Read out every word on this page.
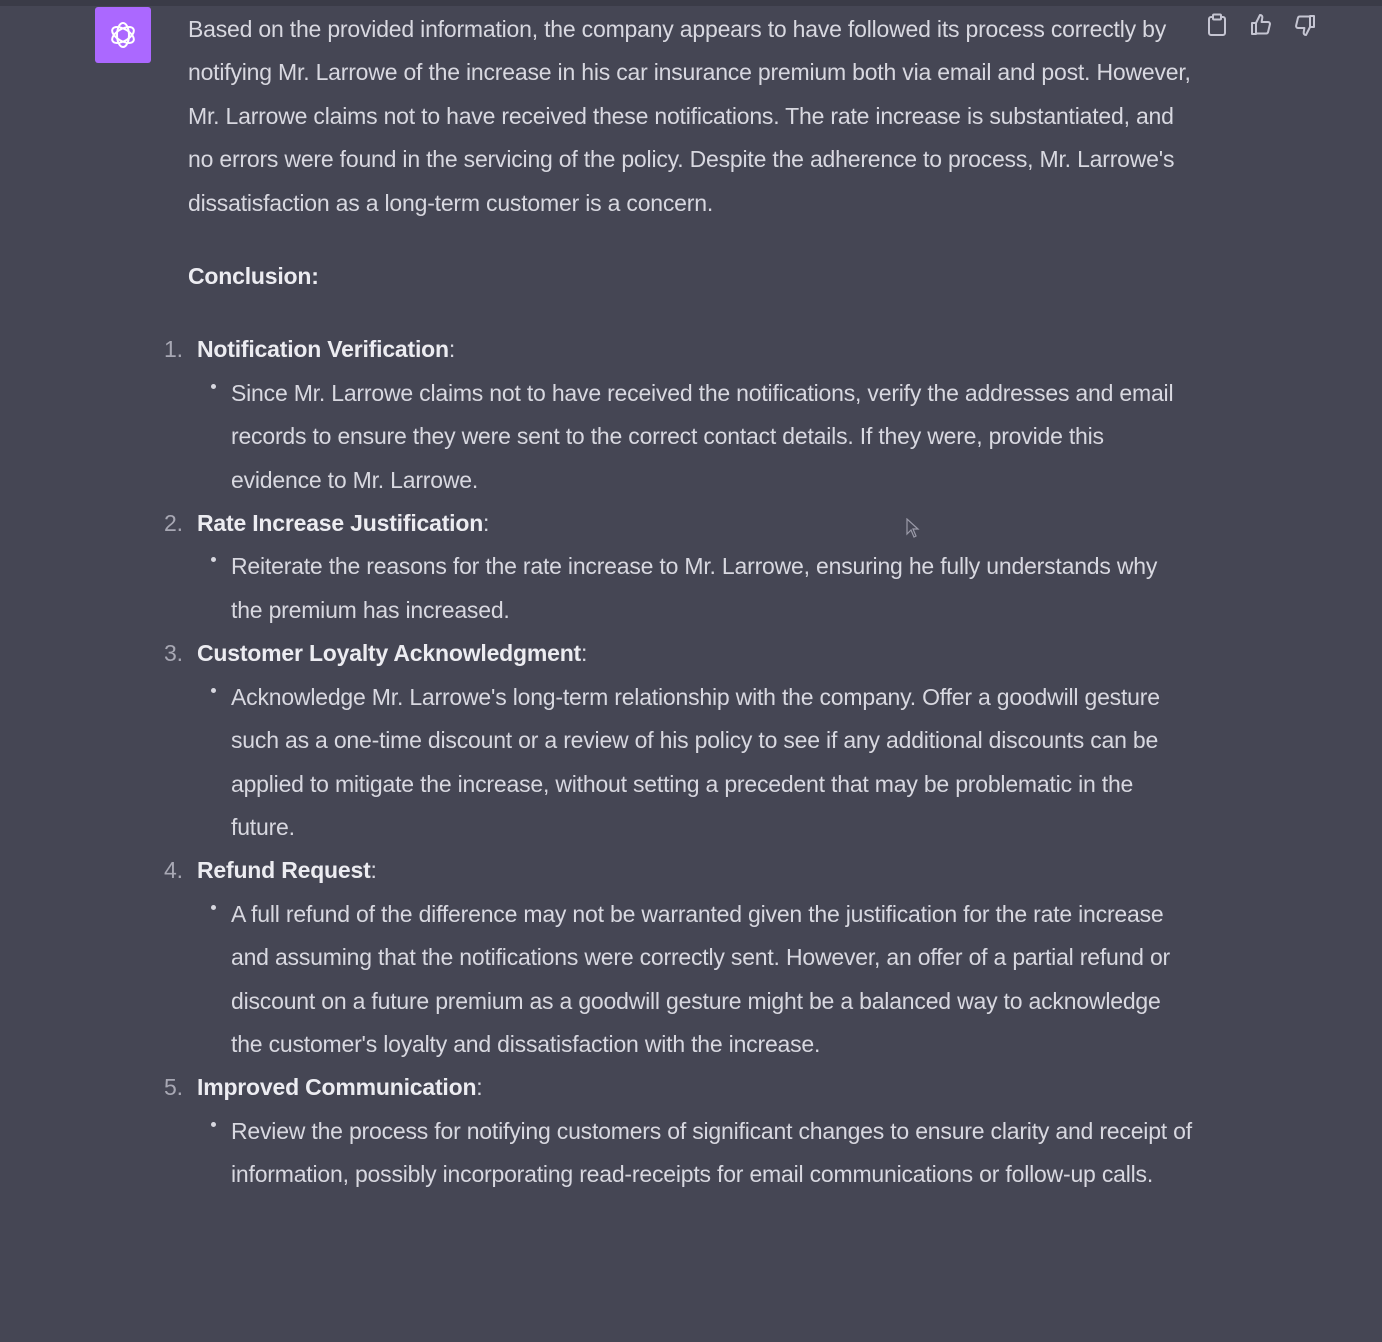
Based on the provided information, the company appears to have followed its process correctly by notifying Mr. Larrowe of the increase in his car insurance premium both via email and post. However, Mr. Larrowe claims not to have received these notifications. The rate increase is substantiated, and no errors were found in the servicing of the policy. Despite the adherence to process, Mr. Larrowe's dissatisfaction as a long-term customer is a concern.

Conclusion:

1. Notification Verification:
Since Mr. Larrowe claims not to have received the notifications, verify the addresses and email records to ensure they were sent to the correct contact details. If they were, provide this evidence to Mr. Larrowe.
2. Rate Increase Justification:
Reiterate the reasons for the rate increase to Mr. Larrowe, ensuring he fully understands why the premium has increased.
3. Customer Loyalty Acknowledgment:
Acknowledge Mr. Larrowe's long-term relationship with the company. Offer a goodwill gesture such as a one-time discount or a review of his policy to see if any additional discounts can be applied to mitigate the increase, without setting a precedent that may be problematic in the future.
4. Refund Request:
A full refund of the difference may not be warranted given the justification for the rate increase and assuming that the notifications were correctly sent. However, an offer of a partial refund or discount on a future premium as a goodwill gesture might be a balanced way to acknowledge the customer's loyalty and dissatisfaction with the increase.
5. Improved Communication:
Review the process for notifying customers of significant changes to ensure clarity and receipt of information, possibly incorporating read-receipts for email communications or follow-up calls.
